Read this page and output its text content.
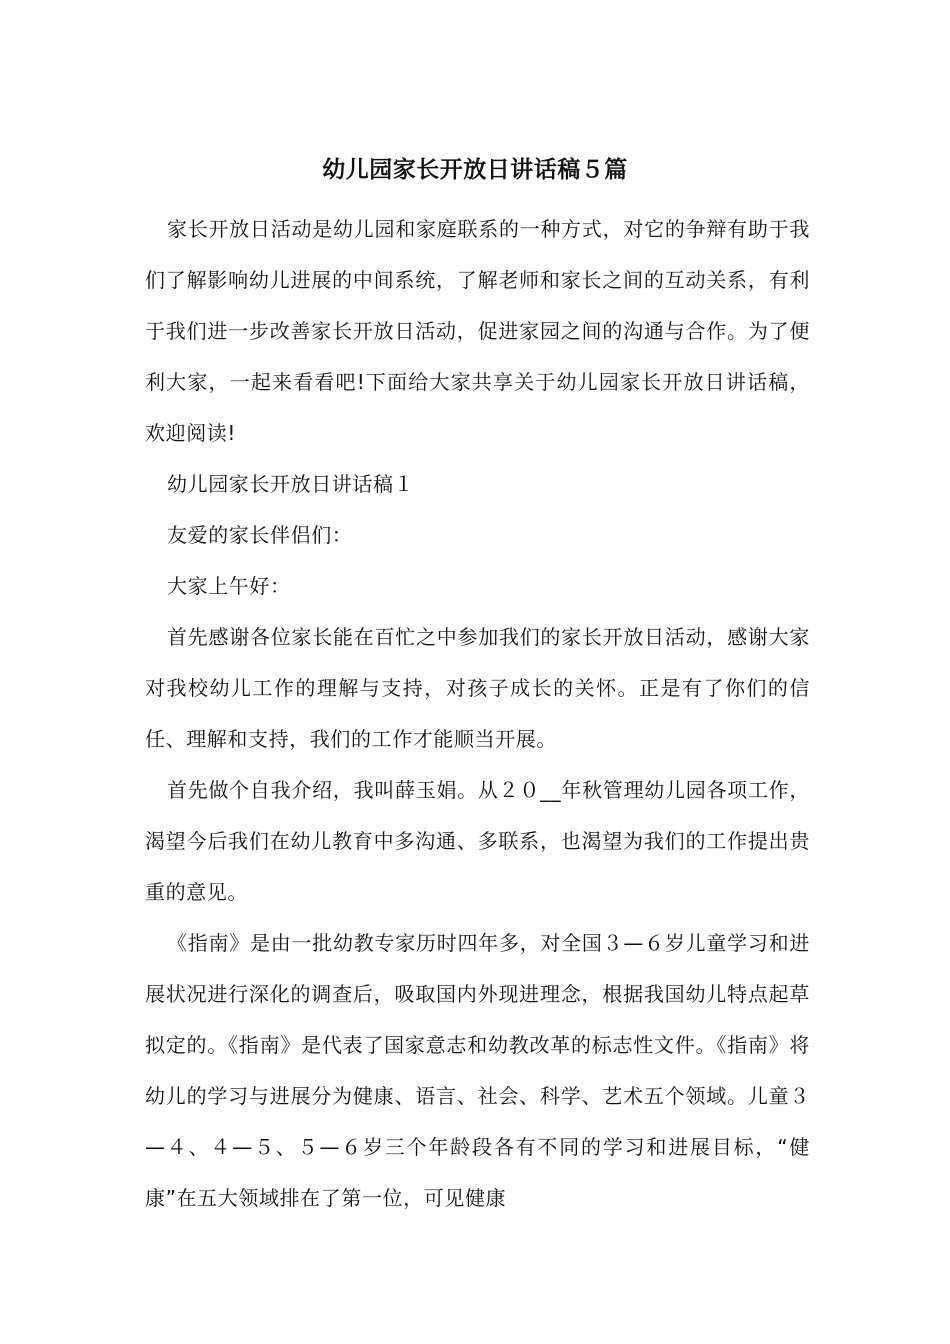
幼儿园家长开放日讲话稿５篇

家长开放日活动是幼儿园和家庭联系的一种方式，对它的争辩有助于我们了解影响幼儿进展的中间系统，了解老师和家长之间的互动关系，有利于我们进一步改善家长开放日活动，促进家园之间的沟通与合作。为了便利大家，一起来看看吧!下面给大家共享关于幼儿园家长开放日讲话稿，欢迎阅读!

幼儿园家长开放日讲话稿１

友爱的家长伴侣们：

大家上午好：

首先感谢各位家长能在百忙之中参加我们的家长开放日活动，感谢大家对我校幼儿工作的理解与支持，对孩子成长的关怀。正是有了你们的信任、理解和支持，我们的工作才能顺当开展。

首先做个自我介绍，我叫薛玉娟。从２０__年秋管理幼儿园各项工作，渴望今后我们在幼儿教育中多沟通、多联系，也渴望为我们的工作提出贵重的意见。

《指南》是由一批幼教专家历时四年多，对全国３—６岁儿童学习和进展状况进行深化的调查后，吸取国内外现进理念，根据我国幼儿特点起草拟定的。《指南》是代表了国家意志和幼教改革的标志性文件。《指南》将幼儿的学习与进展分为健康、语言、社会、科学、艺术五个领域。儿童３—４、４—５、５—６岁三个年龄段各有不同的学习和进展目标，“健康”在五大领域排在了第一位，可见健康
